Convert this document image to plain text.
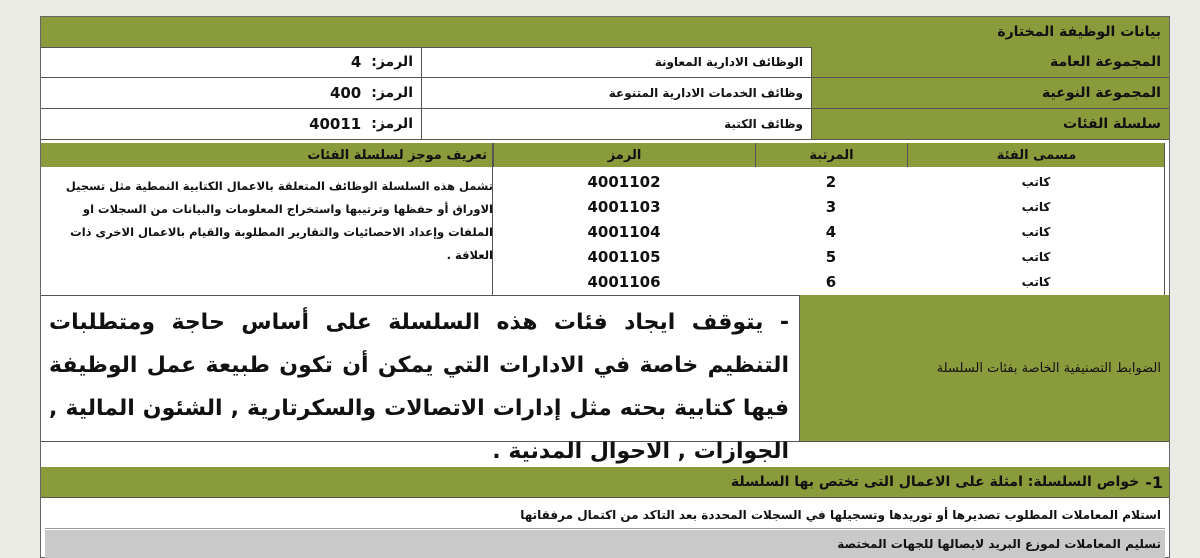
بيانات الوظيفة المختارة
المجموعة العامة
الوظائف الادارية المعاونة
الرمز:
4
المجموعة النوعية
وظائف الخدمات الادارية المتنوعة
الرمز:
400
سلسلة الفئات
وظائف الكتبة
الرمز:
40011
مسمى الفئة
المرتبة
الرمز
تعريف موجز لسلسلة الفئات
كاتب
كاتب
كاتب
كاتب
كاتب
2
3
4
5
6
4001102
4001103
4001104
4001105
4001106
تشمل هذه السلسلة الوظائف المتعلقة بالاعمال الكتابية النمطية مثل تسجيل الاوراق أو حفظها وترتيبها واستخراج المعلومات والبيانات من السجلات او الملفات وإعداد الاحصائيات والتقارير المطلوبة والقيام بالاعمال الاخرى ذات العلاقة .
الضوابط التصنيفية الخاصة بفئات السلسلة
- يتوقف ايجاد فئات هذه السلسلة على أساس حاجة ومتطلبات التنظيم خاصة في الادارات التي يمكن أن تكون طبيعة عمل الوظيفة فيها كتابية بحته مثل إدارات الاتصالات والسكرتارية , الشئون المالية , الجوازات , الاحوال المدنية .
1-
خواص السلسلة: امثلة على الاعمال التى تختص بها السلسلة
استلام المعاملات المطلوب تصديرها أو توريدها وتسجيلها في السجلات المحددة بعد التاكد من اكتمال مرفقاتها
تسليم المعاملات لموزع البريد لايصالها للجهات المختصة
